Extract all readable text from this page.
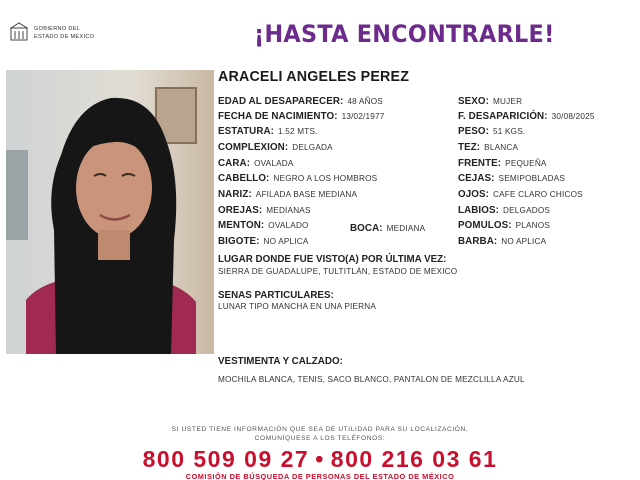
GOBIERNO DEL
ESTADO DE MÉXICO	¡HASTA ENCONTRARLE!
ARACELI ANGELES PEREZ
EDAD AL DESAPARECER: 48 AÑOS
FECHA DE NACIMIENTO: 13/02/1977
ESTATURA: 1.52 MTS.
COMPLEXION: DELGADA
CARA: OVALADA
CABELLO: NEGRO A LOS HOMBROS
NARIZ: AFILADA BASE MEDIANA
OREJAS: MEDIANAS
MENTON: OVALADO
BIGOTE: NO APLICA
BOCA: MEDIANA
SEXO: MUJER
F. DESAPARICIÓN: 30/08/2025
PESO: 51 KGS.
TEZ: BLANCA
FRENTE: PEQUEÑA
CEJAS: SEMIPOBLADAS
OJOS: CAFE CLARO CHICOS
LABIOS: DELGADOS
POMULOS: PLANOS
BARBA: NO APLICA
LUGAR DONDE FUE VISTO(A) POR ÚLTIMA VEZ:
SIERRA DE GUADALUPE, TULTITLÁN, ESTADO DE MEXICO
SENAS PARTICULARES:
LUNAR TIPO MANCHA EN UNA PIERNA
VESTIMENTA Y CALZADO:
MOCHILA BLANCA, TENIS, SACO BLANCO, PANTALON DE MEZCLILLA AZUL
SI USTED TIENE INFORMACIÓN QUE SEA DE UTILIDAD PARA SU LOCALIZACIÓN,
COMUNÍQUESE A LOS TELÉFONOS:
800 509 09 27 • 800 216 03 61
COMISIÓN DE BÚSQUEDA DE PERSONAS DEL ESTADO DE MÉXICO
